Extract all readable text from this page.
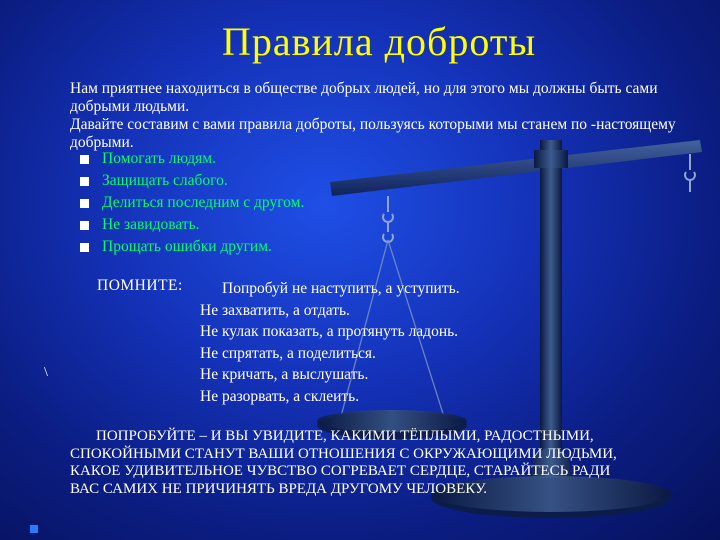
Правила доброты

Нам приятнее находиться в обществе добрых людей, но для этого мы должны быть сами добрыми людьми.

Давайте составим с вами правила доброты, пользуясь которыми мы станем по -настоящему добрыми.

Помогать людям.
Защищать слабого.
Делиться последним с другом.
Не завидовать.
Прощать ошибки другим.
ПОМНИТЕ:	Попробуй не наступить, а уступить.
Не захватить, а отдать.
Не кулак показать, а протянуть ладонь.
Не спрятать, а поделиться.
Не кричать, а выслушать.
Не разорвать, а склеить.
\
ПОПРОБУЙТЕ – И ВЫ УВИДИТЕ, КАКИМИ ТЁПЛЫМИ, РАДОСТНЫМИ, СПОКОЙНЫМИ СТАНУТ ВАШИ ОТНОШЕНИЯ С ОКРУЖАЮЩИМИ ЛЮДЬМИ, КАКОЕ УДИВИТЕЛЬНОЕ ЧУВСТВО СОГРЕВАЕТ СЕРДЦЕ, СТАРАЙТЕСЬ РАДИ ВАС САМИХ НЕ ПРИЧИНЯТЬ ВРЕДА ДРУГОМУ ЧЕЛОВЕКУ.
